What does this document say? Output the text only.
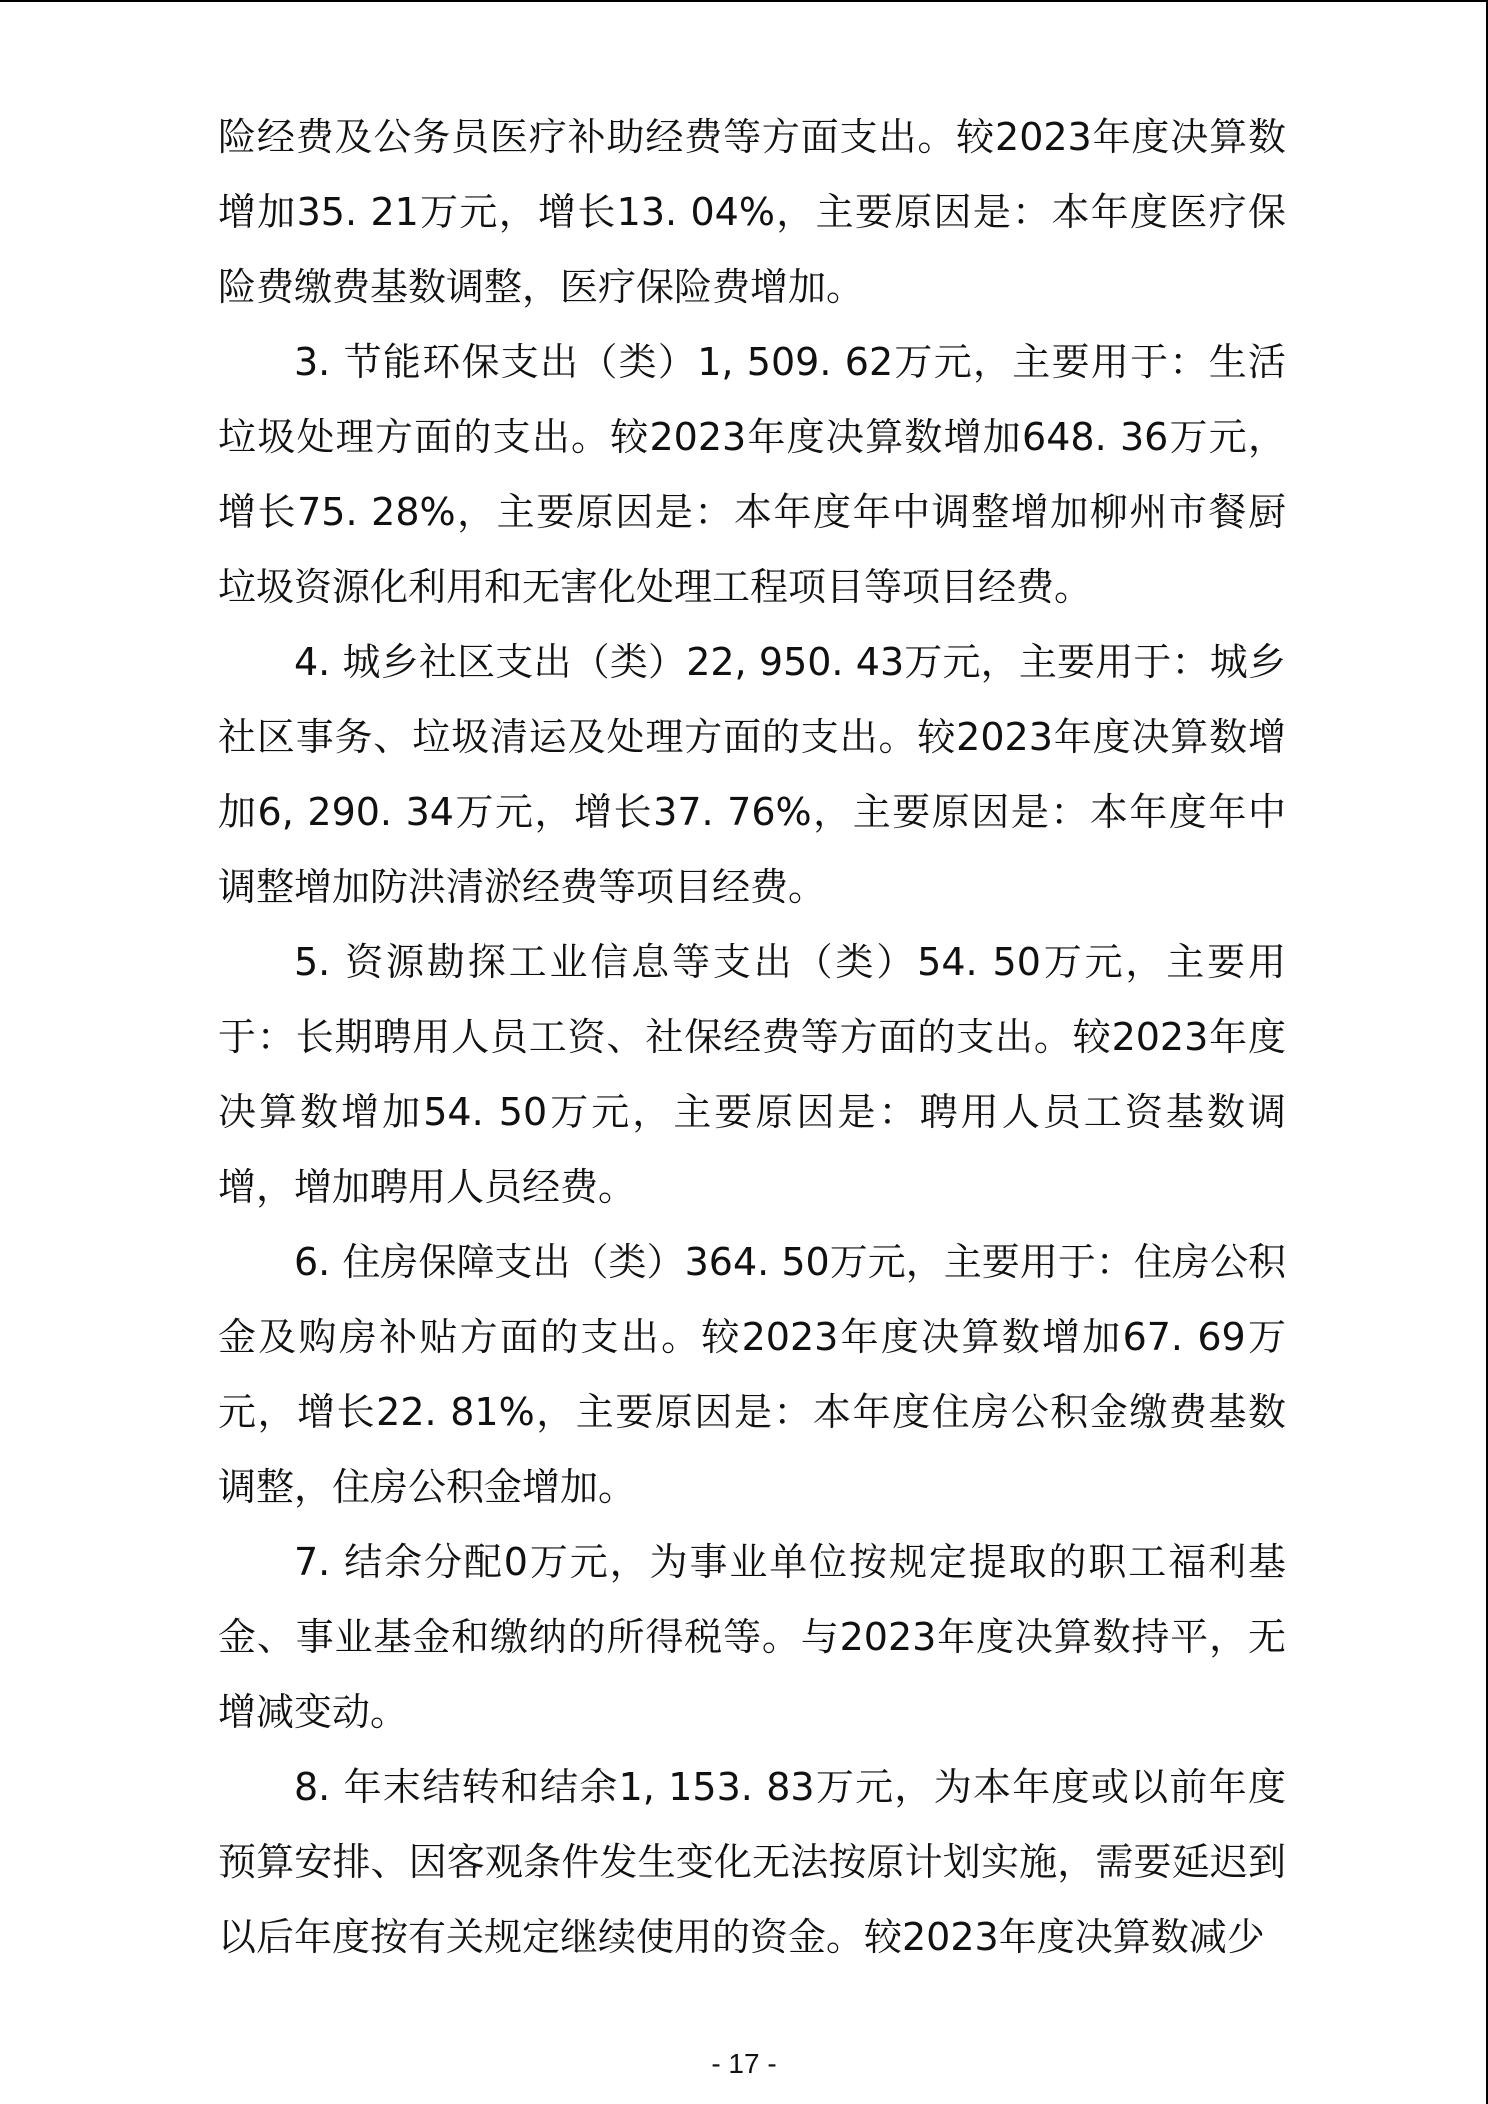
险经费及公务员医疗补助经费等方面支出。较2023年度决算数增加35. 21万元，增长13. 04%，主要原因是：本年度医疗保险费缴费基数调整，医疗保险费增加。

3. 节能环保支出（类）1, 509. 62万元，主要用于：生活垃圾处理方面的支出。较2023年度决算数增加648. 36万元，增长75. 28%，主要原因是：本年度年中调整增加柳州市餐厨垃圾资源化利用和无害化处理工程项目等项目经费。

4. 城乡社区支出（类）22, 950. 43万元，主要用于：城乡社区事务、垃圾清运及处理方面的支出。较2023年度决算数增加6, 290. 34万元，增长37. 76%，主要原因是：本年度年中调整增加防洪清淤经费等项目经费。

5. 资源勘探工业信息等支出（类）54. 50万元，主要用于：长期聘用人员工资、社保经费等方面的支出。较2023年度决算数增加54. 50万元，主要原因是：聘用人员工资基数调增，增加聘用人员经费。

6. 住房保障支出（类）364. 50万元，主要用于：住房公积金及购房补贴方面的支出。较2023年度决算数增加67. 69万元，增长22. 81%，主要原因是：本年度住房公积金缴费基数调整，住房公积金增加。

7. 结余分配0万元，为事业单位按规定提取的职工福利基金、事业基金和缴纳的所得税等。与2023年度决算数持平，无增减变动。

8. 年末结转和结余1, 153. 83万元，为本年度或以前年度预算安排、因客观条件发生变化无法按原计划实施，需要延迟到以后年度按有关规定继续使用的资金。较2023年度决算数减少

- 17 -
